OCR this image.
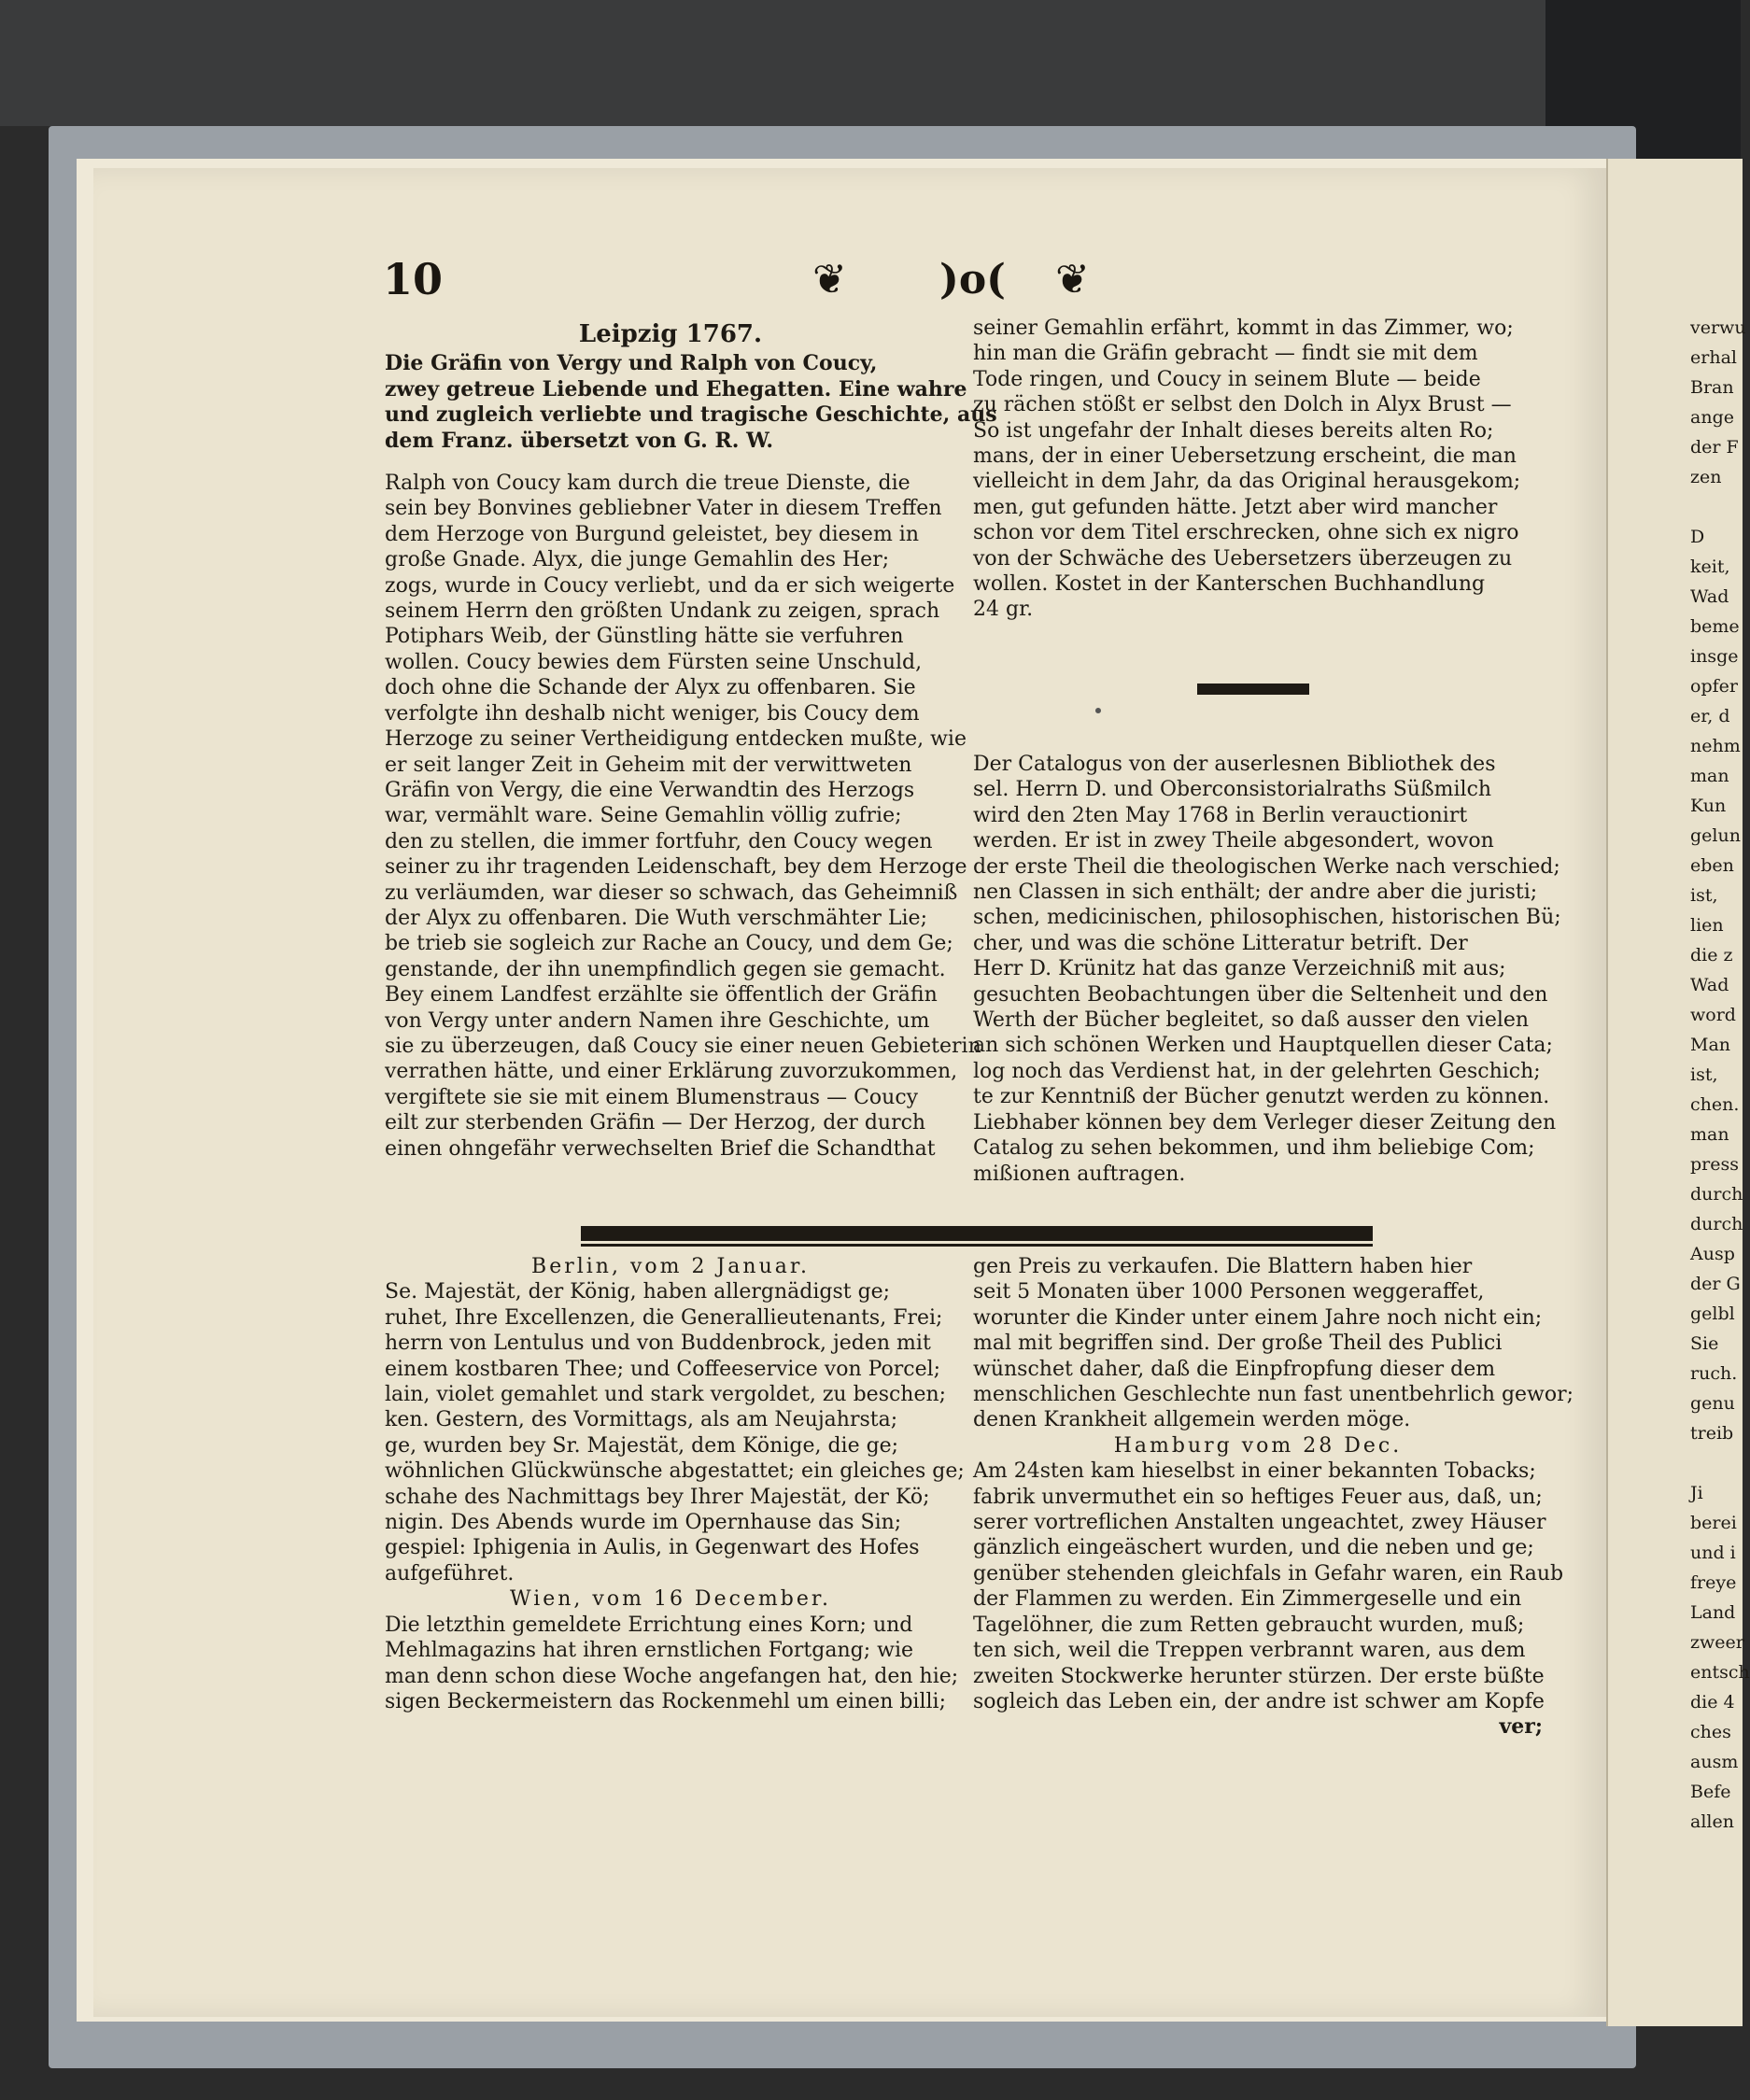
verwu
erhal
Bran
ange
der F
zen

D
keit,
Wad
beme
insge
opfer
er, d
nehm
man
Kun
gelun
eben
ist,
lien
die z
Wad
word
Man
ist,
chen.
man
press
durch
durch
Ausp
der G
gelbl
Sie
ruch.
genu
treib

Ji
berei
und i
freye
Land
zweer
entsch
die 4
ches
ausm
Befe
allen
10	❦ )o( ❦
Leipzig 1767.
Die Gräfin von Vergy und Ralph von Coucy,
zwey getreue Liebende und Ehegatten. Eine wahre
und zugleich verliebte und tragische Geschichte, aus
dem Franz. übersetzt von G. R. W.
Ralph von Coucy kam durch die treue Dienste, die
sein bey Bonvines gebliebner Vater in diesem Treffen
dem Herzoge von Burgund geleistet, bey diesem in
große Gnade. Alyx, die junge Gemahlin des Her;
zogs, wurde in Coucy verliebt, und da er sich weigerte
seinem Herrn den größten Undank zu zeigen, sprach
Potiphars Weib, der Günstling hätte sie verfuhren
wollen. Coucy bewies dem Fürsten seine Unschuld,
doch ohne die Schande der Alyx zu offenbaren. Sie
verfolgte ihn deshalb nicht weniger, bis Coucy dem
Herzoge zu seiner Vertheidigung entdecken mußte, wie
er seit langer Zeit in Geheim mit der verwittweten
Gräfin von Vergy, die eine Verwandtin des Herzogs
war, vermählt ware. Seine Gemahlin völlig zufrie;
den zu stellen, die immer fortfuhr, den Coucy wegen
seiner zu ihr tragenden Leidenschaft, bey dem Herzoge
zu verläumden, war dieser so schwach, das Geheimniß
der Alyx zu offenbaren. Die Wuth verschmähter Lie;
be trieb sie sogleich zur Rache an Coucy, und dem Ge;
genstande, der ihn unempfindlich gegen sie gemacht.
Bey einem Landfest erzählte sie öffentlich der Gräfin
von Vergy unter andern Namen ihre Geschichte, um
sie zu überzeugen, daß Coucy sie einer neuen Gebieterin
verrathen hätte, und einer Erklärung zuvorzukommen,
vergiftete sie sie mit einem Blumenstraus — Coucy
eilt zur sterbenden Gräfin — Der Herzog, der durch
einen ohngefähr verwechselten Brief die Schandthat
seiner Gemahlin erfährt, kommt in das Zimmer, wo;
hin man die Gräfin gebracht — findt sie mit dem
Tode ringen, und Coucy in seinem Blute — beide
zu rächen stößt er selbst den Dolch in Alyx Brust —
So ist ungefahr der Inhalt dieses bereits alten Ro;
mans, der in einer Uebersetzung erscheint, die man
vielleicht in dem Jahr, da das Original herausgekom;
men, gut gefunden hätte. Jetzt aber wird mancher
schon vor dem Titel erschrecken, ohne sich ex nigro
von der Schwäche des Uebersetzers überzeugen zu
wollen. Kostet in der Kanterschen Buchhandlung
24 gr.
Der Catalogus von der auserlesnen Bibliothek des
sel. Herrn D. und Oberconsistorialraths Süßmilch
wird den 2ten May 1768 in Berlin verauctionirt
werden. Er ist in zwey Theile abgesondert, wovon
der erste Theil die theologischen Werke nach verschied;
nen Classen in sich enthält; der andre aber die juristi;
schen, medicinischen, philosophischen, historischen Bü;
cher, und was die schöne Litteratur betrift. Der
Herr D. Krünitz hat das ganze Verzeichniß mit aus;
gesuchten Beobachtungen über die Seltenheit und den
Werth der Bücher begleitet, so daß ausser den vielen
an sich schönen Werken und Hauptquellen dieser Cata;
log noch das Verdienst hat, in der gelehrten Geschich;
te zur Kenntniß der Bücher genutzt werden zu können.
Liebhaber können bey dem Verleger dieser Zeitung den
Catalog zu sehen bekommen, und ihm beliebige Com;
mißionen auftragen.
Berlin, vom 2 Januar.
Se. Majestät, der König, haben allergnädigst ge;
ruhet, Ihre Excellenzen, die Generallieutenants, Frei;
herrn von Lentulus und von Buddenbrock, jeden mit
einem kostbaren Thee; und Coffeeservice von Porcel;
lain, violet gemahlet und stark vergoldet, zu beschen;
ken. Gestern, des Vormittags, als am Neujahrsta;
ge, wurden bey Sr. Majestät, dem Könige, die ge;
wöhnlichen Glückwünsche abgestattet; ein gleiches ge;
schahe des Nachmittags bey Ihrer Majestät, der Kö;
nigin. Des Abends wurde im Opernhause das Sin;
gespiel: Iphigenia in Aulis, in Gegenwart des Hofes
aufgeführet.
Wien, vom 16 December.
Die letzthin gemeldete Errichtung eines Korn; und
Mehlmagazins hat ihren ernstlichen Fortgang; wie
man denn schon diese Woche angefangen hat, den hie;
sigen Beckermeistern das Rockenmehl um einen billi;
gen Preis zu verkaufen. Die Blattern haben hier
seit 5 Monaten über 1000 Personen weggeraffet,
worunter die Kinder unter einem Jahre noch nicht ein;
mal mit begriffen sind. Der große Theil des Publici
wünschet daher, daß die Einpfropfung dieser dem
menschlichen Geschlechte nun fast unentbehrlich gewor;
denen Krankheit allgemein werden möge.
Hamburg vom 28 Dec.
Am 24sten kam hieselbst in einer bekannten Tobacks;
fabrik unvermuthet ein so heftiges Feuer aus, daß, un;
serer vortreflichen Anstalten ungeachtet, zwey Häuser
gänzlich eingeäschert wurden, und die neben und ge;
genüber stehenden gleichfals in Gefahr waren, ein Raub
der Flammen zu werden. Ein Zimmergeselle und ein
Tagelöhner, die zum Retten gebraucht wurden, muß;
ten sich, weil die Treppen verbrannt waren, aus dem
zweiten Stockwerke herunter stürzen. Der erste büßte
sogleich das Leben ein, der andre ist schwer am Kopfe
ver;
